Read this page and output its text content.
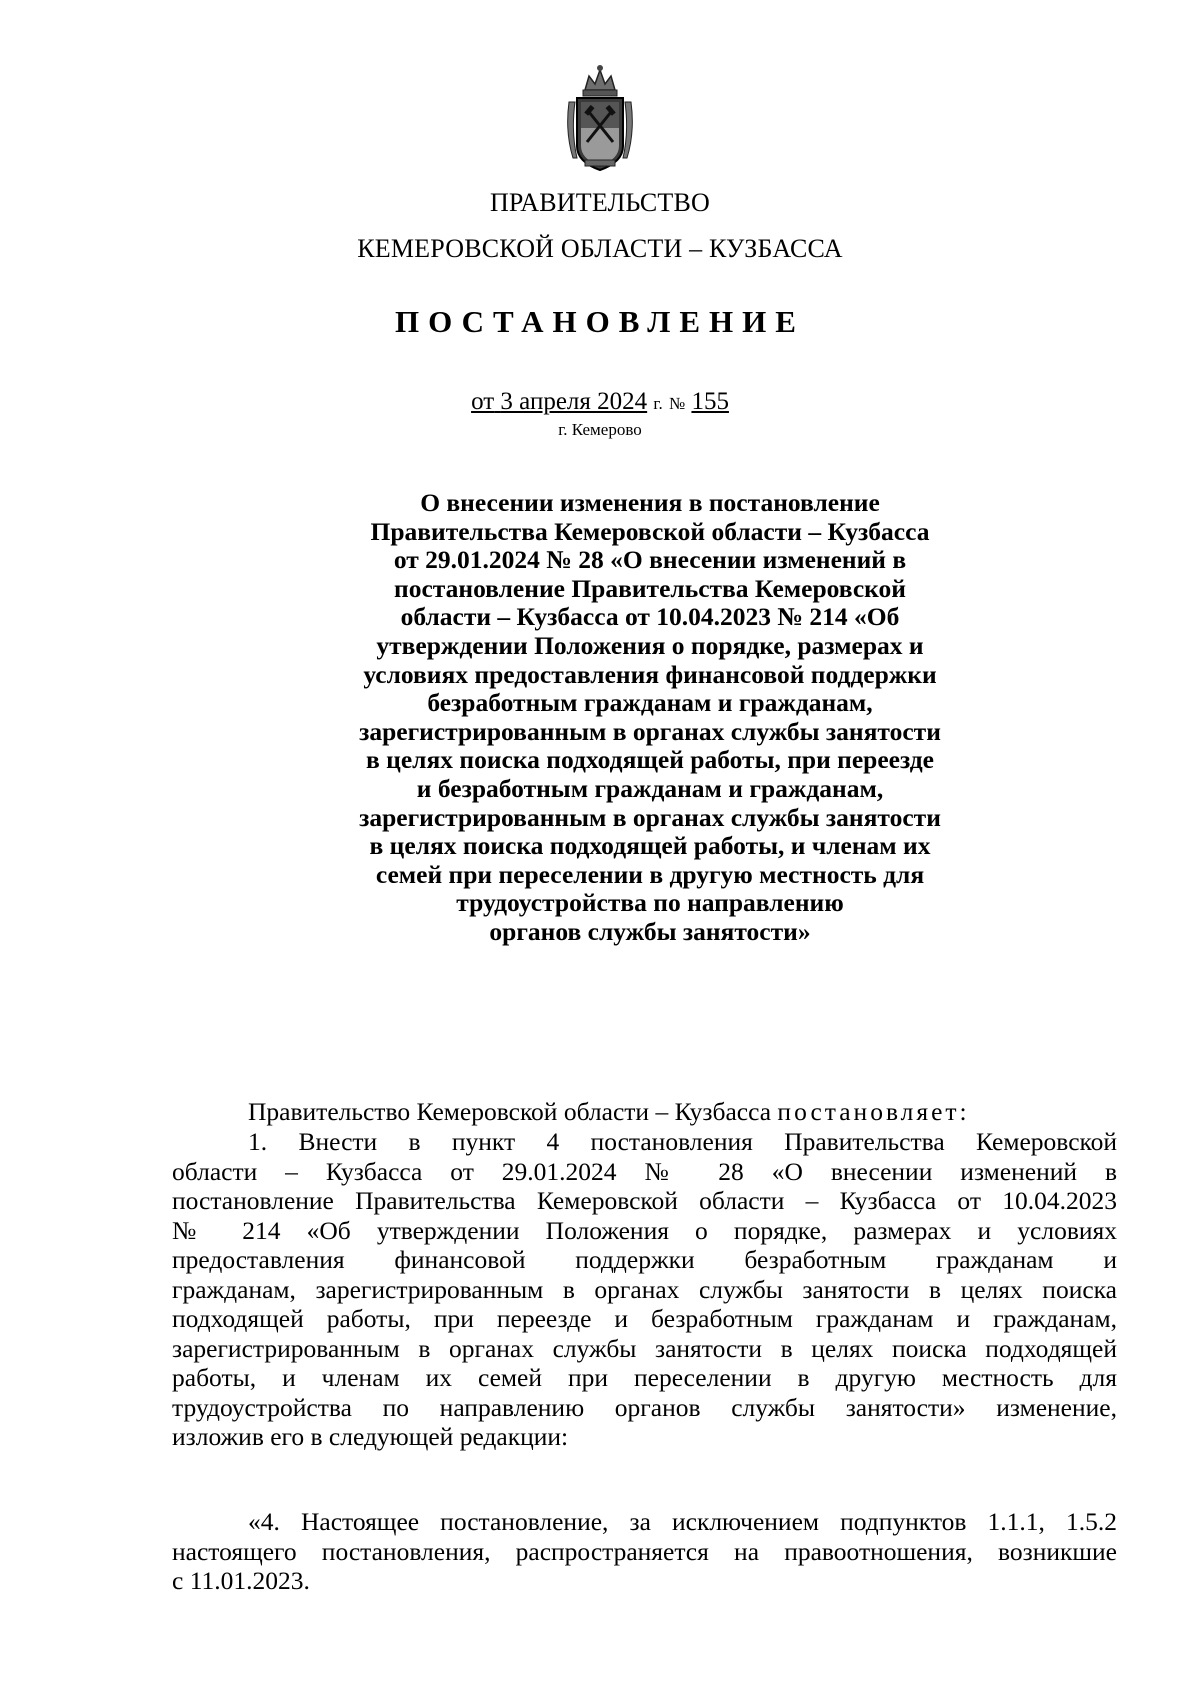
ПРАВИТЕЛЬСТВО
КЕМЕРОВСКОЙ ОБЛАСТИ – КУЗБАССА
ПОСТАНОВЛЕНИЕ
от 3 апреля 2024 г. № 155
г. Кемерово
О внесении изменения в постановление
Правительства Кемеровской области – Кузбасса
от 29.01.2024 № 28 «О внесении изменений в
постановление Правительства Кемеровской
области – Кузбасса от 10.04.2023 № 214 «Об
утверждении Положения о порядке, размерах и
условиях предоставления финансовой поддержки
безработным гражданам и гражданам,
зарегистрированным в органах службы занятости
в целях поиска подходящей работы, при переезде
и безработным гражданам и гражданам,
зарегистрированным в органах службы занятости
в целях поиска подходящей работы, и членам их
семей при переселении в другую местность для
трудоустройства по направлению
органов службы занятости»
Правительство Кемеровской области – Кузбасса постановляет:
1. Внести в пункт 4 постановления Правительства Кемеровской
области – Кузбасса от 29.01.2024 № 28 «О внесении изменений в
постановление Правительства Кемеровской области – Кузбасса от 10.04.2023
№ 214 «Об утверждении Положения о порядке, размерах и условиях
предоставления финансовой поддержки безработным гражданам и
гражданам, зарегистрированным в органах службы занятости в целях поиска
подходящей работы, при переезде и безработным гражданам и гражданам,
зарегистрированным в органах службы занятости в целях поиска подходящей
работы, и членам их семей при переселении в другую местность для
трудоустройства по направлению органов службы занятости» изменение,
изложив его в следующей редакции:
«4. Настоящее постановление, за исключением подпунктов 1.1.1, 1.5.2
настоящего постановления, распространяется на правоотношения, возникшие
с 11.01.2023.
